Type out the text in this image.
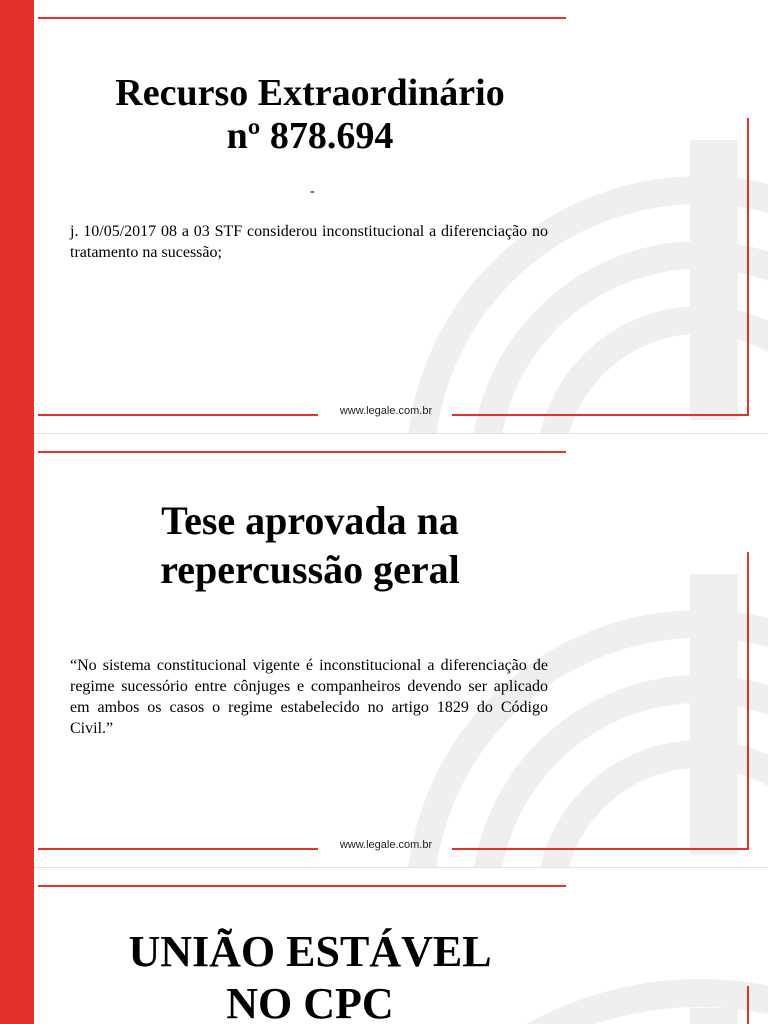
Recurso Extraordinário
nº 878.694
-

j. 10/05/2017 08 a 03 STF considerou inconstitucional a diferenciação no tratamento na sucessão;

www.legale.com.br
Tese aprovada na
repercussão geral

“No sistema constitucional vigente é inconstitucional a diferenciação de regime sucessório entre cônjuges e companheiros devendo ser aplicado em ambos os casos o regime estabelecido no artigo 1829 do Código Civil.”

www.legale.com.br
UNIÃO ESTÁVEL
NO CPC
